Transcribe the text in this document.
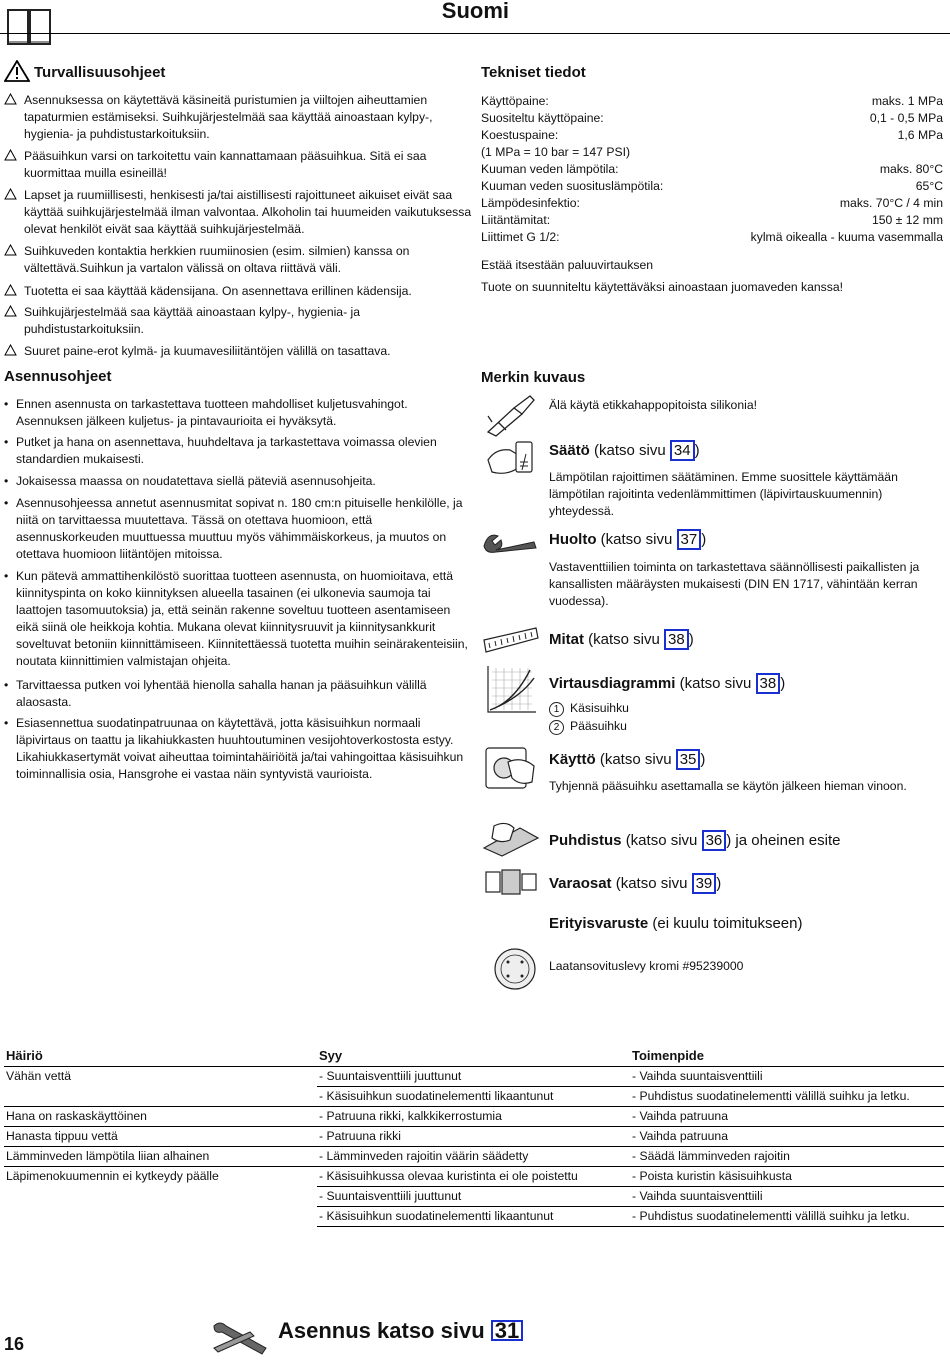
Suomi
Turvallisuusohjeet
Asennuksessa on käytettävä käsineitä puristumien ja viiltojen aiheuttamien tapaturmien estämiseksi. Suihkujärjestelmää saa käyttää ainoastaan kylpy-, hygienia- ja puhdistustarkoituksiin.
Pääsuihkun varsi on tarkoitettu vain kannattamaan pääsuihkua. Sitä ei saa kuormittaa muilla esineillä!
Lapset ja ruumiillisesti, henkisesti ja/tai aistillisesti rajoittuneet aikuiset eivät saa käyttää suihkujärjestelmää ilman valvontaa. Alkoholin tai huumeiden vaikutuksessa olevat henkilöt eivät saa käyttää suihkujärjestelmää.
Suihkuveden kontaktia herkkien ruumiinosien (esim. silmien) kanssa on vältettävä.Suihkun ja vartalon välissä on oltava riittävä väli.
Tuotetta ei saa käyttää kädensijana. On asennettava erillinen kädensija.
Suihkujärjestelmää saa käyttää ainoastaan kylpy-, hygienia- ja puhdistustarkoituksiin.
Suuret paine-erot kylmä- ja kuumavesiliitäntöjen välillä on tasattava.
Asennusohjeet
• Ennen asennusta on tarkastettava tuotteen mahdolliset kuljetusvahingot. Asennuksen jälkeen kuljetus- ja pintavaurioita ei hyväksytä.
• Putket ja hana on asennettava, huuhdeltava ja tarkastettava voimassa olevien standardien mukaisesti.
• Jokaisessa maassa on noudatettava siellä päteviä asennusohjeita.
• Asennusohjeessa annetut asennusmitat sopivat n. 180 cm:n pituiselle henkilölle, ja niitä on tarvittaessa muutettava. Tässä on otettava huomioon, että asennuskorkeuden muuttuessa muuttuu myös vähimmäiskorkeus, ja muutos on otettava huomioon liitäntöjen mitoissa.
• Kun pätevä ammattihenkilöstö suorittaa tuotteen asennusta, on huomioitava, että kiinnityspinta on koko kiinnityksen alueella tasainen (ei ulkonevia saumoja tai laattojen tasomuutoksia) ja, että seinän rakenne soveltuu tuotteen asentamiseen eikä siinä ole heikkoja kohtia. Mukana olevat kiinnitysruuvit ja kiinnitysankkurit soveltuvat betoniin kiinnittämiseen. Kiinnitettäessä tuotetta muihin seinärakenteisiin, noutata kiinnittimien valmistajan ohjeita.
• Tarvittaessa putken voi lyhentää hienolla sahalla hanan ja pääsuihkun välillä alaosasta.
• Esiasennettua suodatinpatruunaa on käytettävä, jotta käsisuihkun normaali läpivirtaus on taattu ja likahiukkasten huuhtoutuminen vesijohtoverkostosta estyy. Likahiukkasertymät voivat aiheuttaa toimintahäiriöitä ja/tai vahingoittaa käsisuihkun toiminnallisia osia, Hansgrohe ei vastaa näin syntyvistä vaurioista.
Tekniset tiedot
Käyttöpaine:	maks. 1 MPa
Suositeltu käyttöpaine:	0,1 - 0,5 MPa
Koestuspaine:	1,6 MPa
(1 MPa = 10 bar = 147 PSI)
Kuuman veden lämpötila:	maks. 80°C
Kuuman veden suosituslämpötila:	65°C
Lämpödesinfektio:	maks. 70°C / 4 min
Liitäntämitat:	150 ± 12 mm
Liittimet G 1/2:	kylmä oikealla - kuuma vasemmalla
Estää itsestään paluuvirtauksen
Tuote on suunniteltu käytettäväksi ainoastaan juomaveden kanssa!
Merkin kuvaus
Älä käytä etikkahappopitoista silikonia!
Säätö (katso sivu 34 )
Lämpötilan rajoittimen säätäminen. Emme suosittele käyttämään lämpötilan rajoitinta vedenlämmittimen (läpivirtauskuumennin) yhteydessä.
Huolto (katso sivu 37 )
Vastaventtiilien toiminta on tarkastettava säännöllisesti paikallisten ja kansallisten määräysten mukaisesti (DIN EN 1717, vähintään kerran vuodessa).
Mitat (katso sivu 38 )
Virtausdiagrammi (katso sivu 38 )
1 Käsisuihku
2 Pääsuihku
Käyttö (katso sivu 35 )
Tyhjennä pääsuihku asettamalla se käytön jälkeen hieman vinoon.
Puhdistus (katso sivu 36 ) ja oheinen esite
Varaosat (katso sivu 39 )
Erityisvaruste (ei kuulu toimitukseen)
Laatansovituslevy kromi #95239000
Häiriö	Syy	Toimenpide
Vähän vettä	- Suuntaisventtiili juuttunut	- Vaihda suuntaisventtiili
	- Käsisuihkun suodatinelementti likaantunut	- Puhdistus suodatinelementti välillä suihku ja letku.
Hana on raskaskäyttöinen	- Patruuna rikki, kalkkikerrostumia	- Vaihda patruuna
Hanasta tippuu vettä	- Patruuna rikki	- Vaihda patruuna
Lämminveden lämpötila liian alhainen	- Lämminveden rajoitin väärin säädetty	- Säädä lämminveden rajoitin
Läpimenokuumennin ei kytkeydy päälle	- Käsisuihkussa olevaa kuristinta ei ole poistettu	- Poista kuristin käsisuihkusta
	- Suuntaisventtiili juuttunut	- Vaihda suuntaisventtiili
	- Käsisuihkun suodatinelementti likaantunut	- Puhdistus suodatinelementti välillä suihku ja letku.
16
Asennus katso sivu 31
